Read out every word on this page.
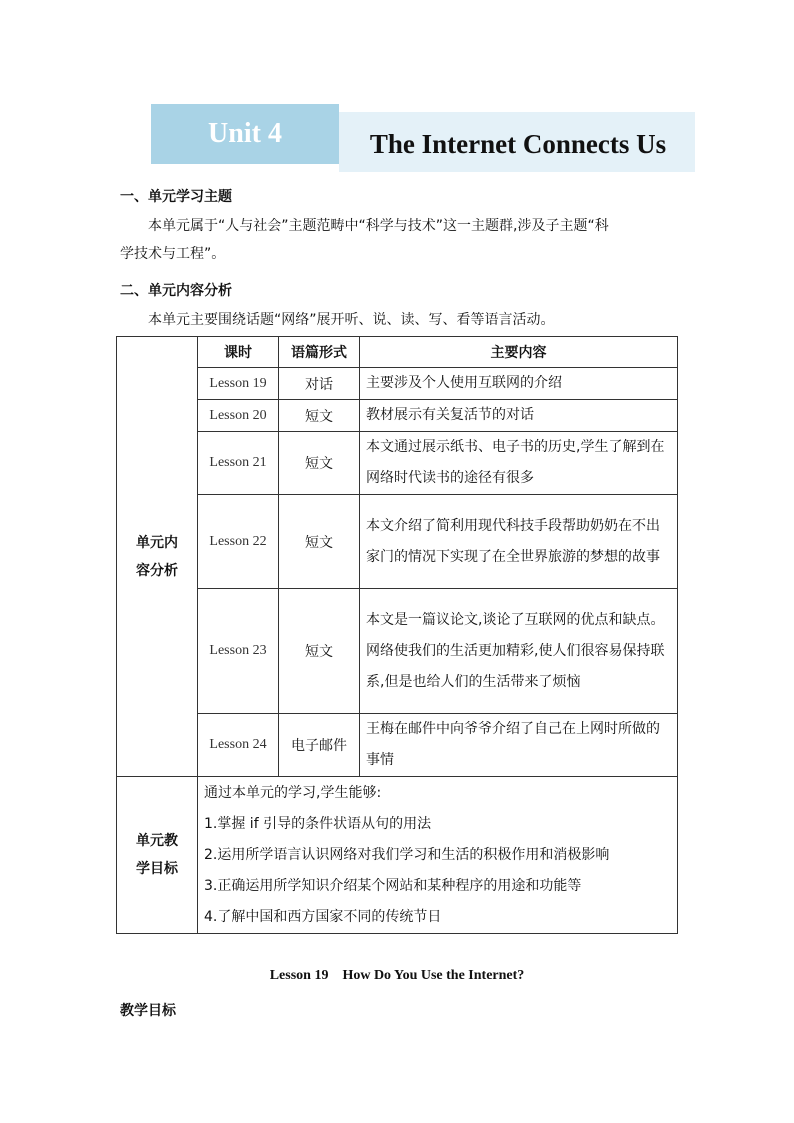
Unit 4	The Internet Connects Us
一、单元学习主题
本单元属于“人与社会”主题范畴中“科学与技术”这一主题群,涉及子主题“科
学技术与工程”。
二、单元内容分析
本单元主要围绕话题“网络”展开听、说、读、写、看等语言活动。
单元内容分析	课时	语篇形式	主要内容
	Lesson 19	对话	主要涉及个人使用互联网的介绍
	Lesson 20	短文	教材展示有关复活节的对话
	Lesson 21	短文	本文通过展示纸书、电子书的历史,学生了解到在网络时代读书的途径有很多
	Lesson 22	短文	本文介绍了简利用现代科技手段帮助奶奶在不出家门的情况下实现了在全世界旅游的梦想的故事
	Lesson 23	短文	本文是一篇议论文,谈论了互联网的优点和缺点。网络使我们的生活更加精彩,使人们很容易保持联系,但是也给人们的生活带来了烦恼
	Lesson 24	电子邮件	王梅在邮件中向爷爷介绍了自己在上网时所做的事情
单元教学目标	通过本单元的学习,学生能够:
1.掌握 if 引导的条件状语从句的用法
2.运用所学语言认识网络对我们学习和生活的积极作用和消极影响
3.正确运用所学知识介绍某个网站和某种程序的用途和功能等
4.了解中国和西方国家不同的传统节日		
Lesson 19    How Do You Use the Internet?
教学目标
